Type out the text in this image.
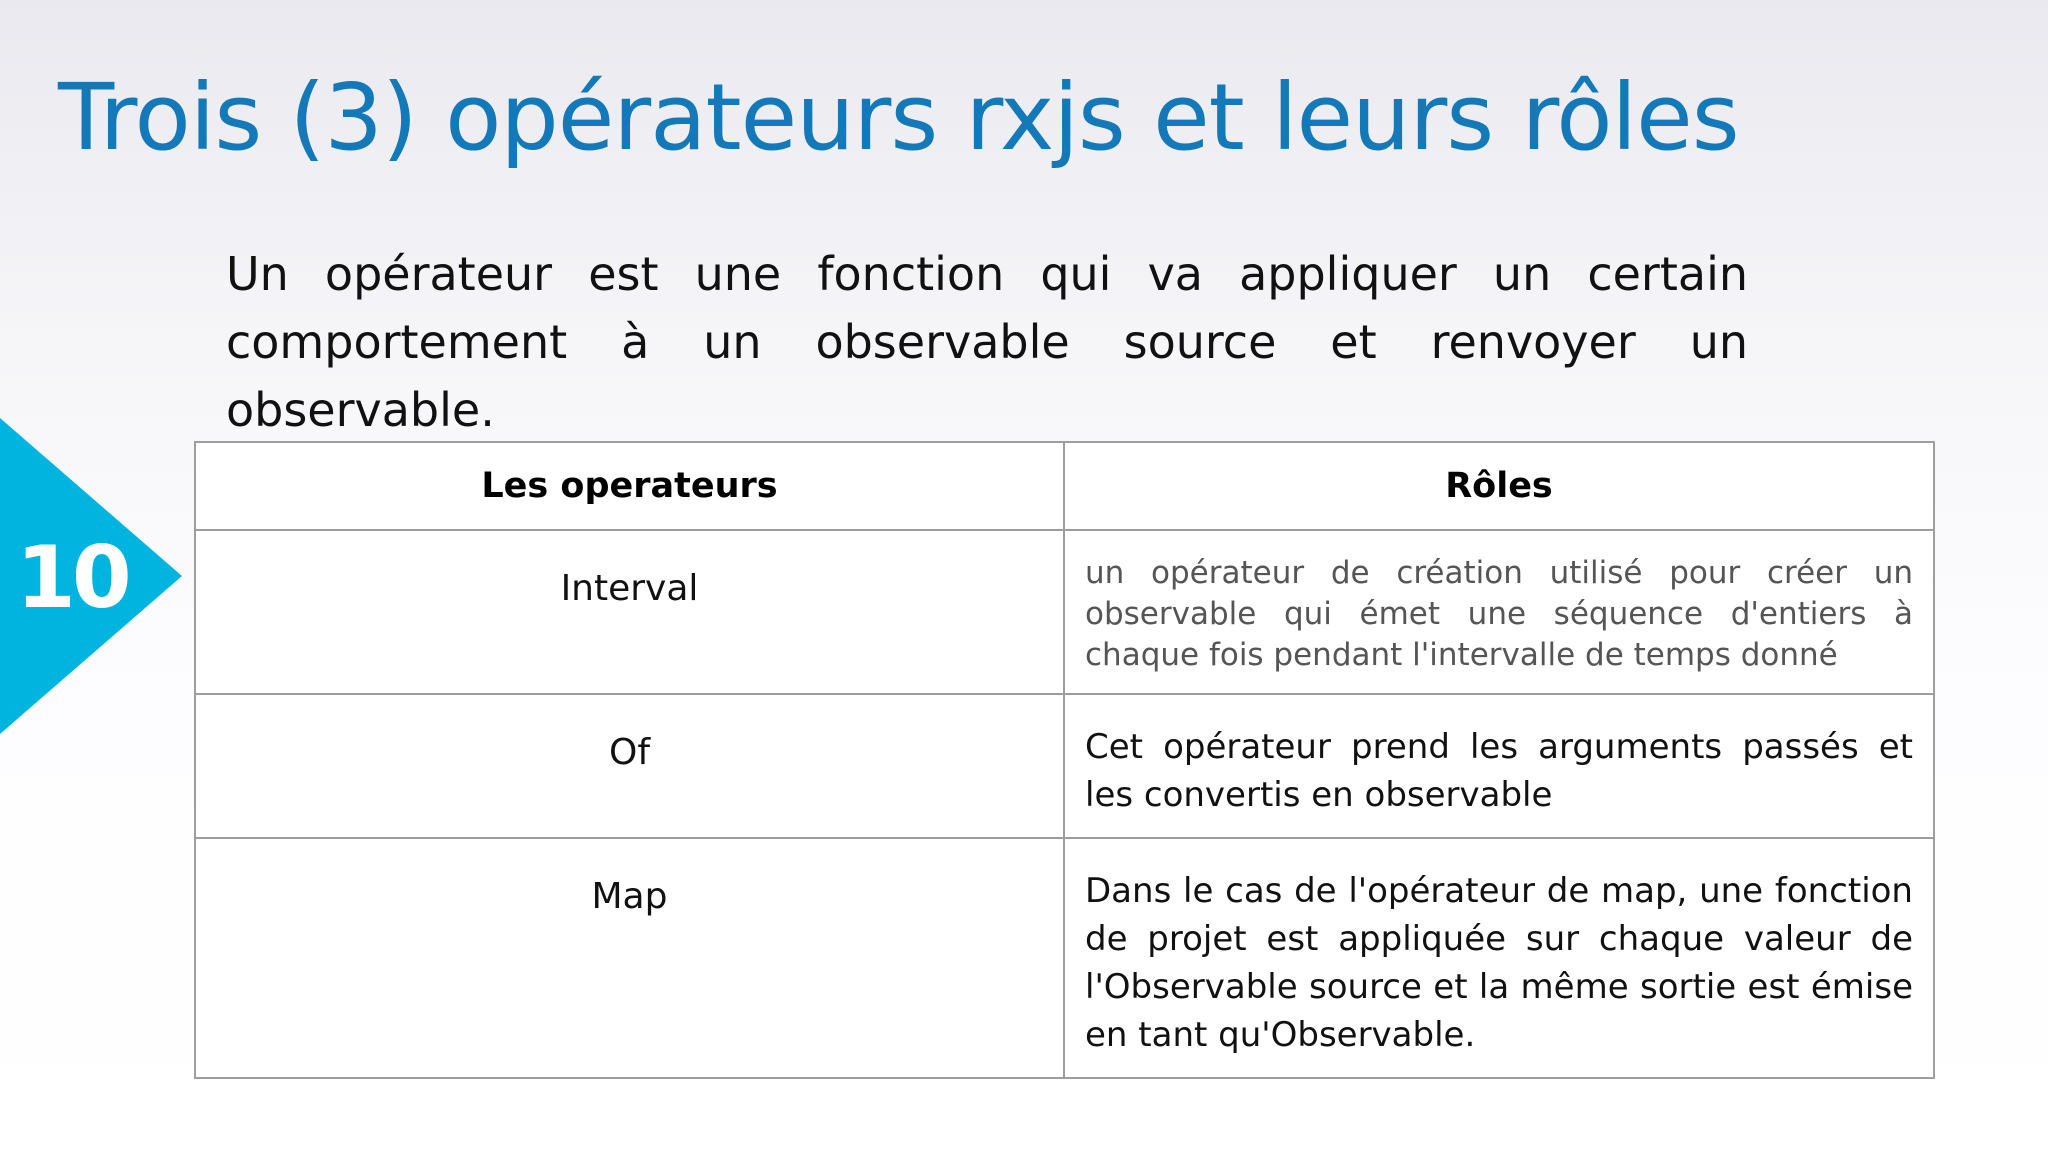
Trois (3) opérateurs rxjs et leurs rôles

Un opérateur est une fonction qui va appliquer un certain comportement à un observable source et renvoyer un observable.

10
Les operateurs	Rôles
Interval	un opérateur de création utilisé pour créer un observable qui émet une séquence d'entiers à chaque fois pendant l'intervalle de temps donné
Of	Cet opérateur prend les arguments passés et les convertis en observable
Map	Dans le cas de l'opérateur de map, une fonction de projet est appliquée sur chaque valeur de l'Observable source et la même sortie est émise en tant qu'Observable.
